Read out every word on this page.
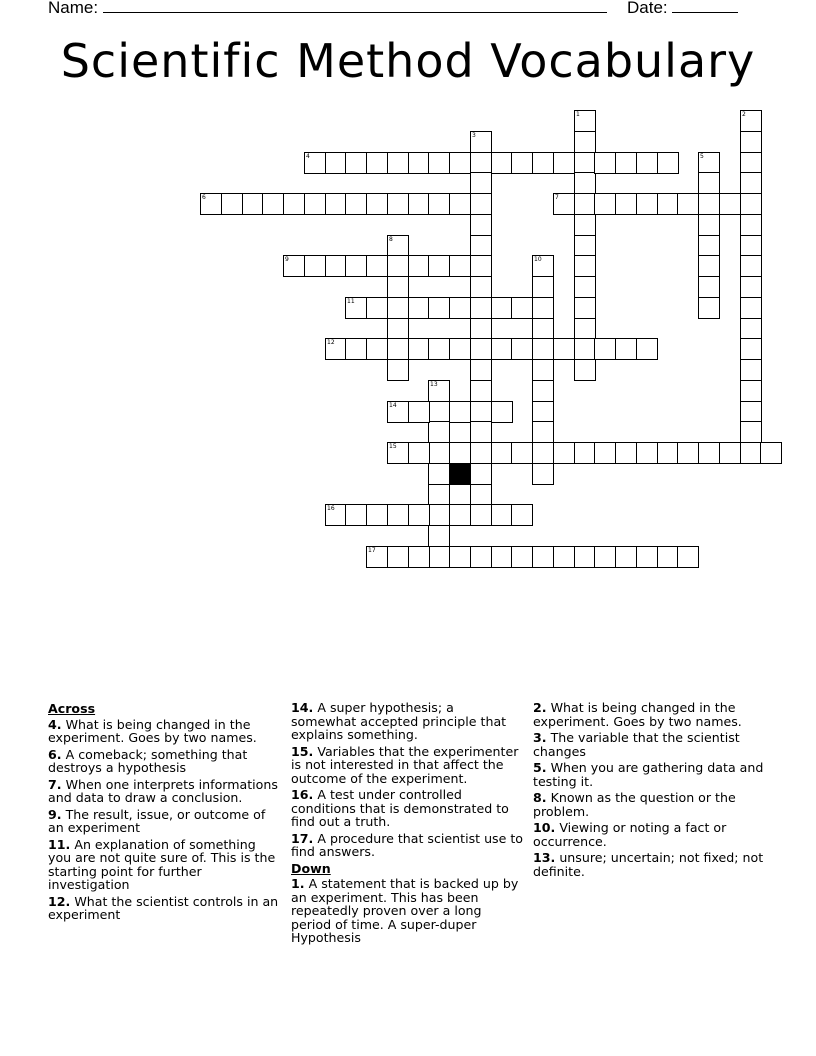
Name:	Date:
Scientific Method Vocabulary
1	2
3
4	5
6	7
8
9	10
11
12
13
14
15
16
17
Across
4. What is being changed in the experiment. Goes by two names.
6. A comeback; something that destroys a hypothesis
7. When one interprets informations and data to draw a conclusion.
9. The result, issue, or outcome of an experiment
11. An explanation of something you are not quite sure of. This is the starting point for further investigation
12. What the scientist controls in an experiment
14. A super hypothesis; a somewhat accepted principle that explains something.
15. Variables that the experimenter is not interested in that affect the outcome of the experiment.
16. A test under controlled conditions that is demonstrated to find out a truth.
17. A procedure that scientist use to find answers.
Down
1. A statement that is backed up by an experiment. This has been repeatedly proven over a long period of time. A super-duper Hypothesis
2. What is being changed in the experiment. Goes by two names.
3. The variable that the scientist changes
5. When you are gathering data and testing it.
8. Known as the question or the problem.
10. Viewing or noting a fact or occurrence.
13. unsure; uncertain; not fixed; not definite.
